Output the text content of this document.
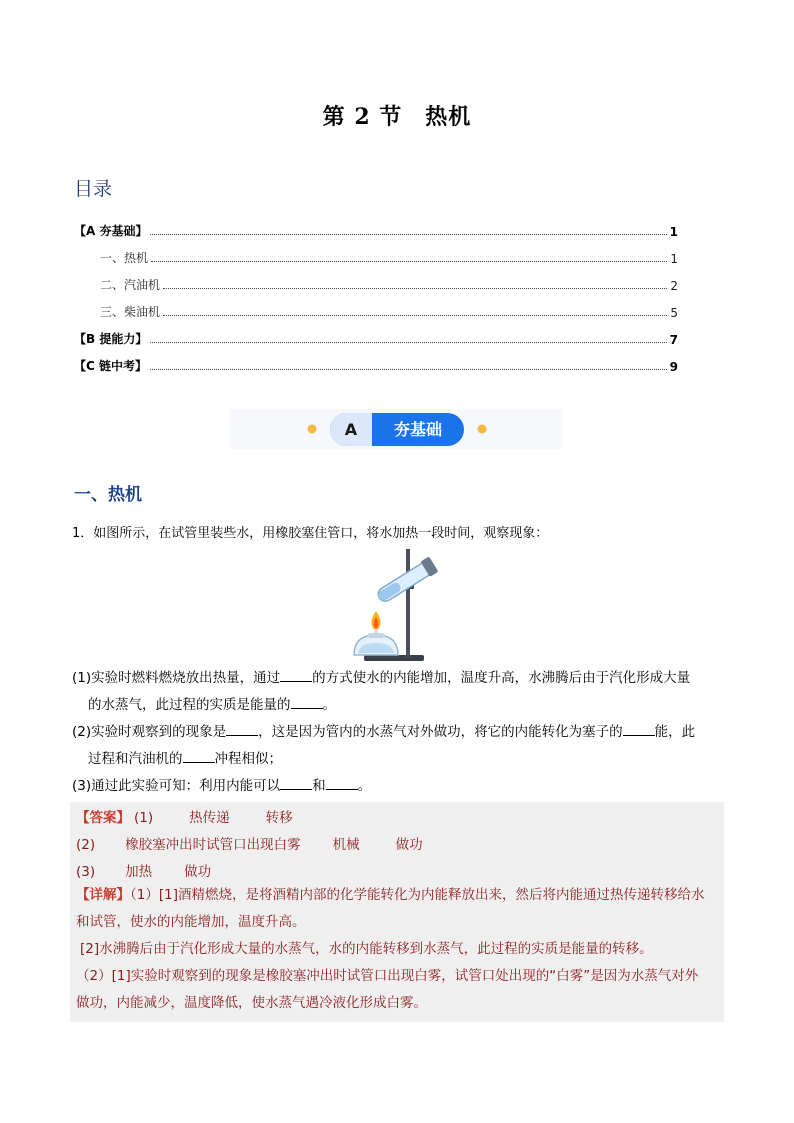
第 2 节　热机
目录
【A 夯基础】	1
一、热机	1
二、汽油机	2
三、柴油机	5
【B 提能力】	7
【C 链中考】	9
A 夯基础
一、热机
1．如图所示，在试管里装些水，用橡胶塞住管口，将水加热一段时间，观察现象：
(1)实验时燃料燃烧放出热量，通过 的方式使水的内能增加，温度升高，水沸腾后由于汽化形成大量
的水蒸气，此过程的实质是能量的 。
(2)实验时观察到的现象是 ，这是因为管内的水蒸气对外做功，将它的内能转化为塞子的 能，此
过程和汽油机的 冲程相似；
(3)通过此实验可知：利用内能可以 和 。
【答案】 (1)	热传递	转移
(2) 橡胶塞冲出时试管口出现白雾 机械	做功
(3) 加热 做功
【详解】（1）[1]酒精燃烧，是将酒精内部的化学能转化为内能释放出来，然后将内能通过热传递转移给水
和试管，使水的内能增加，温度升高。
[2]水沸腾后由于汽化形成大量的水蒸气，水的内能转移到水蒸气，此过程的实质是能量的转移。
（2）[1]实验时观察到的现象是橡胶塞冲出时试管口出现白雾，试管口处出现的“白雾”是因为水蒸气对外
做功，内能减少，温度降低，使水蒸气遇冷液化形成白雾。
